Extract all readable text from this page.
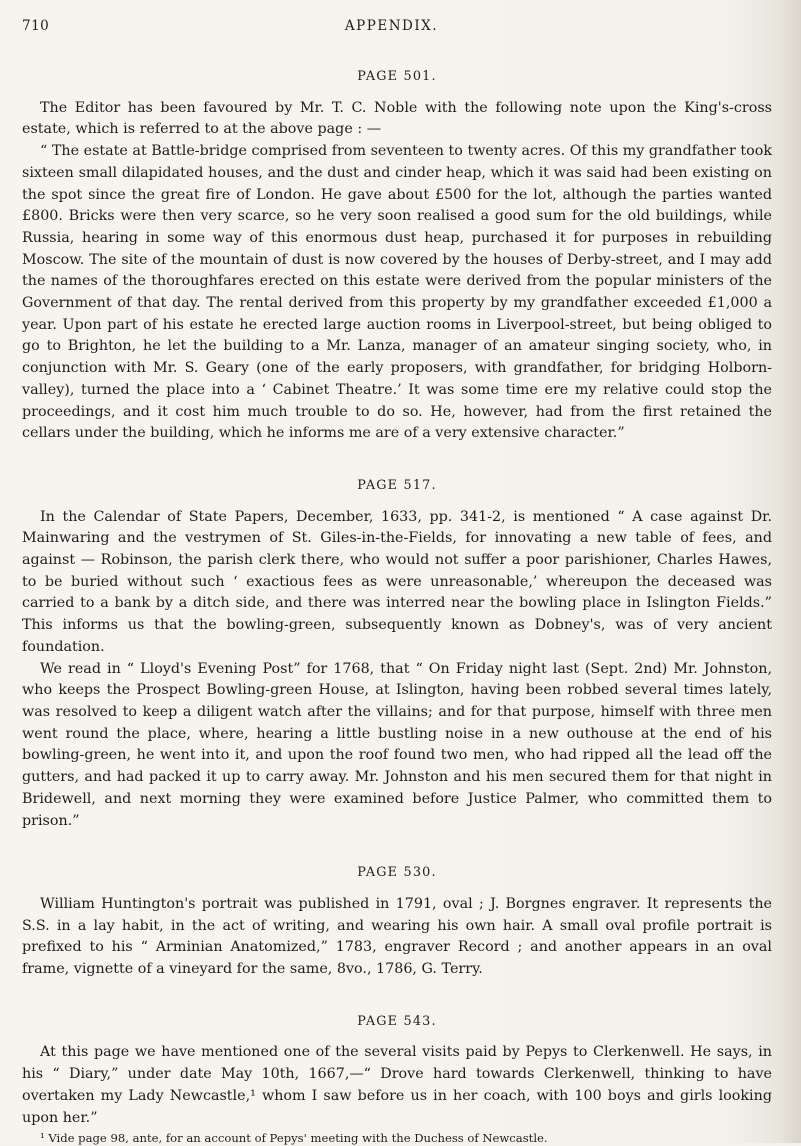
710	APPENDIX.
PAGE 501.

The Editor has been favoured by Mr. T. C. Noble with the following note upon the King's-cross estate, which is referred to at the above page : —

“ The estate at Battle-bridge comprised from seventeen to twenty acres. Of this my grandfather took sixteen small dilapidated houses, and the dust and cinder heap, which it was said had been existing on the spot since the great fire of London. He gave about £500 for the lot, although the parties wanted £800. Bricks were then very scarce, so he very soon realised a good sum for the old buildings, while Russia, hearing in some way of this enormous dust heap, purchased it for purposes in rebuilding Moscow. The site of the mountain of dust is now covered by the houses of Derby-street, and I may add the names of the thoroughfares erected on this estate were derived from the popular ministers of the Government of that day. The rental derived from this property by my grandfather exceeded £1,000 a year. Upon part of his estate he erected large auction rooms in Liverpool-street, but being obliged to go to Brighton, he let the building to a Mr. Lanza, manager of an amateur singing society, who, in conjunction with Mr. S. Geary (one of the early proposers, with grandfather, for bridging Holborn-valley), turned the place into a ‘ Cabinet Theatre.’ It was some time ere my relative could stop the proceedings, and it cost him much trouble to do so. He, however, had from the first retained the cellars under the building, which he informs me are of a very extensive character.”

PAGE 517.

In the Calendar of State Papers, December, 1633, pp. 341-2, is mentioned “ A case against Dr. Mainwaring and the vestrymen of St. Giles-in-the-Fields, for innovating a new table of fees, and against — Robinson, the parish clerk there, who would not suffer a poor parishioner, Charles Hawes, to be buried without such ‘ exactious fees as were unreasonable,’ whereupon the deceased was carried to a bank by a ditch side, and there was interred near the bowling place in Islington Fields.” This informs us that the bowling-green, subsequently known as Dobney's, was of very ancient foundation.

We read in “ Lloyd's Evening Post” for 1768, that “ On Friday night last (Sept. 2nd) Mr. Johnston, who keeps the Prospect Bowling-green House, at Islington, having been robbed several times lately, was resolved to keep a diligent watch after the villains; and for that purpose, himself with three men went round the place, where, hearing a little bustling noise in a new outhouse at the end of his bowling-green, he went into it, and upon the roof found two men, who had ripped all the lead off the gutters, and had packed it up to carry away. Mr. Johnston and his men secured them for that night in Bridewell, and next morning they were examined before Justice Palmer, who committed them to prison.”

PAGE 530.

William Huntington's portrait was published in 1791, oval ; J. Borgnes engraver. It represents the S.S. in a lay habit, in the act of writing, and wearing his own hair. A small oval profile portrait is prefixed to his “ Arminian Anatomized,” 1783, engraver Record ; and another appears in an oval frame, vignette of a vineyard for the same, 8vo., 1786, G. Terry.

PAGE 543.

At this page we have mentioned one of the several visits paid by Pepys to Clerkenwell. He says, in his “ Diary,” under date May 10th, 1667,—“ Drove hard towards Clerkenwell, thinking to have overtaken my Lady Newcastle,¹ whom I saw before us in her coach, with 100 boys and girls looking upon her.”

¹ Vide page 98, ante, for an account of Pepys' meeting with the Duchess of Newcastle.
